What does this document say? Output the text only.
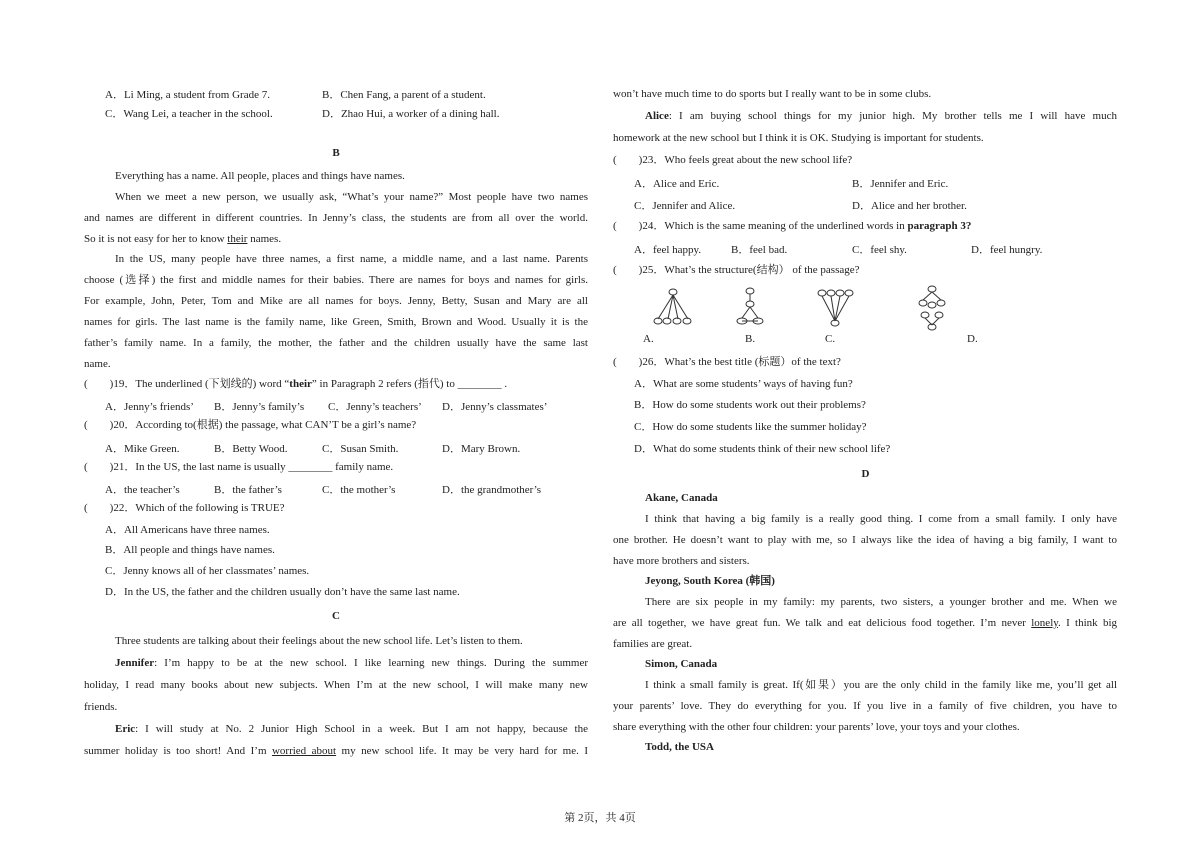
A．Li Ming, a student from Grade 7.	B．Chen Fang, a parent of a student.
C．Wang Lei, a teacher in the school.	D．Zhao Hui, a worker of a dining hall.
B
Everything has a name. All people, places and things have names.
When we meet a new person, we usually ask, “What’s your name?” Most people have two names
and names are different in different countries. In Jenny’s class, the students are from all over the world.
So it is not easy for her to know their names.
In the US, many people have three names, a first name, a middle name, and a last name. Parents
choose (选择) the first and middle names for their babies. There are names for boys and names for girls.
For example, John, Peter, Tom and Mike are all names for boys. Jenny, Betty, Susan and Mary are all
names for girls. The last name is the family name, like Green, Smith, Brown and Wood. Usually it is the
father’s family name. In a family, the mother, the father and the children usually have the same last
name.
(　　)19．The underlined (下划线的) word “their” in Paragraph 2 refers (指代) to ________ .
A．Jenny’s friends’ B．Jenny’s family’s C．Jenny’s teachers’ D．Jenny’s classmates’
(　　)20．According to(根据) the passage, what CAN’T be a girl’s name?
A．Mike Green.	B．Betty Wood.	C．Susan Smith.	D．Mary Brown.
(　　)21．In the US, the last name is usually ________ family name.
A．the teacher’s	B．the father’s	C．the mother’s	D．the grandmother’s
(　　)22．Which of the following is TRUE?
A．All Americans have three names.
B．All people and things have names.
C．Jenny knows all of her classmates’ names.
D．In the US, the father and the children usually don’t have the same last name.
C
Three students are talking about their feelings about the new school life. Let’s listen to them.
Jennifer: I’m happy to be at the new school. I like learning new things. During the summer
holiday, I read many books about new subjects. When I’m at the new school, I will make many new
friends.
Eric: I will study at No. 2 Junior High School in a week. But I am not happy, because the
summer holiday is too short! And I’m worried about my new school life. It may be very hard for me. I
won’t have much time to do sports but I really want to be in some clubs.
Alice: I am buying school things for my junior high. My brother tells me I will have much
homework at the new school but I think it is OK. Studying is important for students.
(　　)23．Who feels great about the new school life?
A．Alice and Eric.	B．Jennifer and Eric.
C．Jennifer and Alice.	D．Alice and her brother.
(　　)24．Which is the same meaning of the underlined words in paragraph 3?
A．feel happy.	B．feel bad.	C．feel shy.	D．feel hungry.
(　　)25．What’s the structure(结构） of the passage?
A.	B.	C.	D.
(　　)26．What’s the best title (标题）of the text?
A．What are some students’ ways of having fun?
B．How do some students work out their problems?
C．How do some students like the summer holiday?
D．What do some students think of their new school life?
D
Akane, Canada
I think that having a big family is a really good thing. I come from a small family. I only have
one brother. He doesn’t want to play with me, so I always like the idea of having a big family, I want to
have more brothers and sisters.
Jeyong, South Korea (韩国)
There are six people in my family: my parents, two sisters, a younger brother and me. When we
are all together, we have great fun. We talk and eat delicious food together. I’m never lonely. I think big
families are great.
Simon, Canada
I think a small family is great. If(如果）you are the only child in the family like me, you’ll get all
your parents’ love. They do everything for you. If you live in a family of five children, you have to
share everything with the other four children: your parents’ love, your toys and your clothes.
Todd, the USA
第 2页，共 4页
